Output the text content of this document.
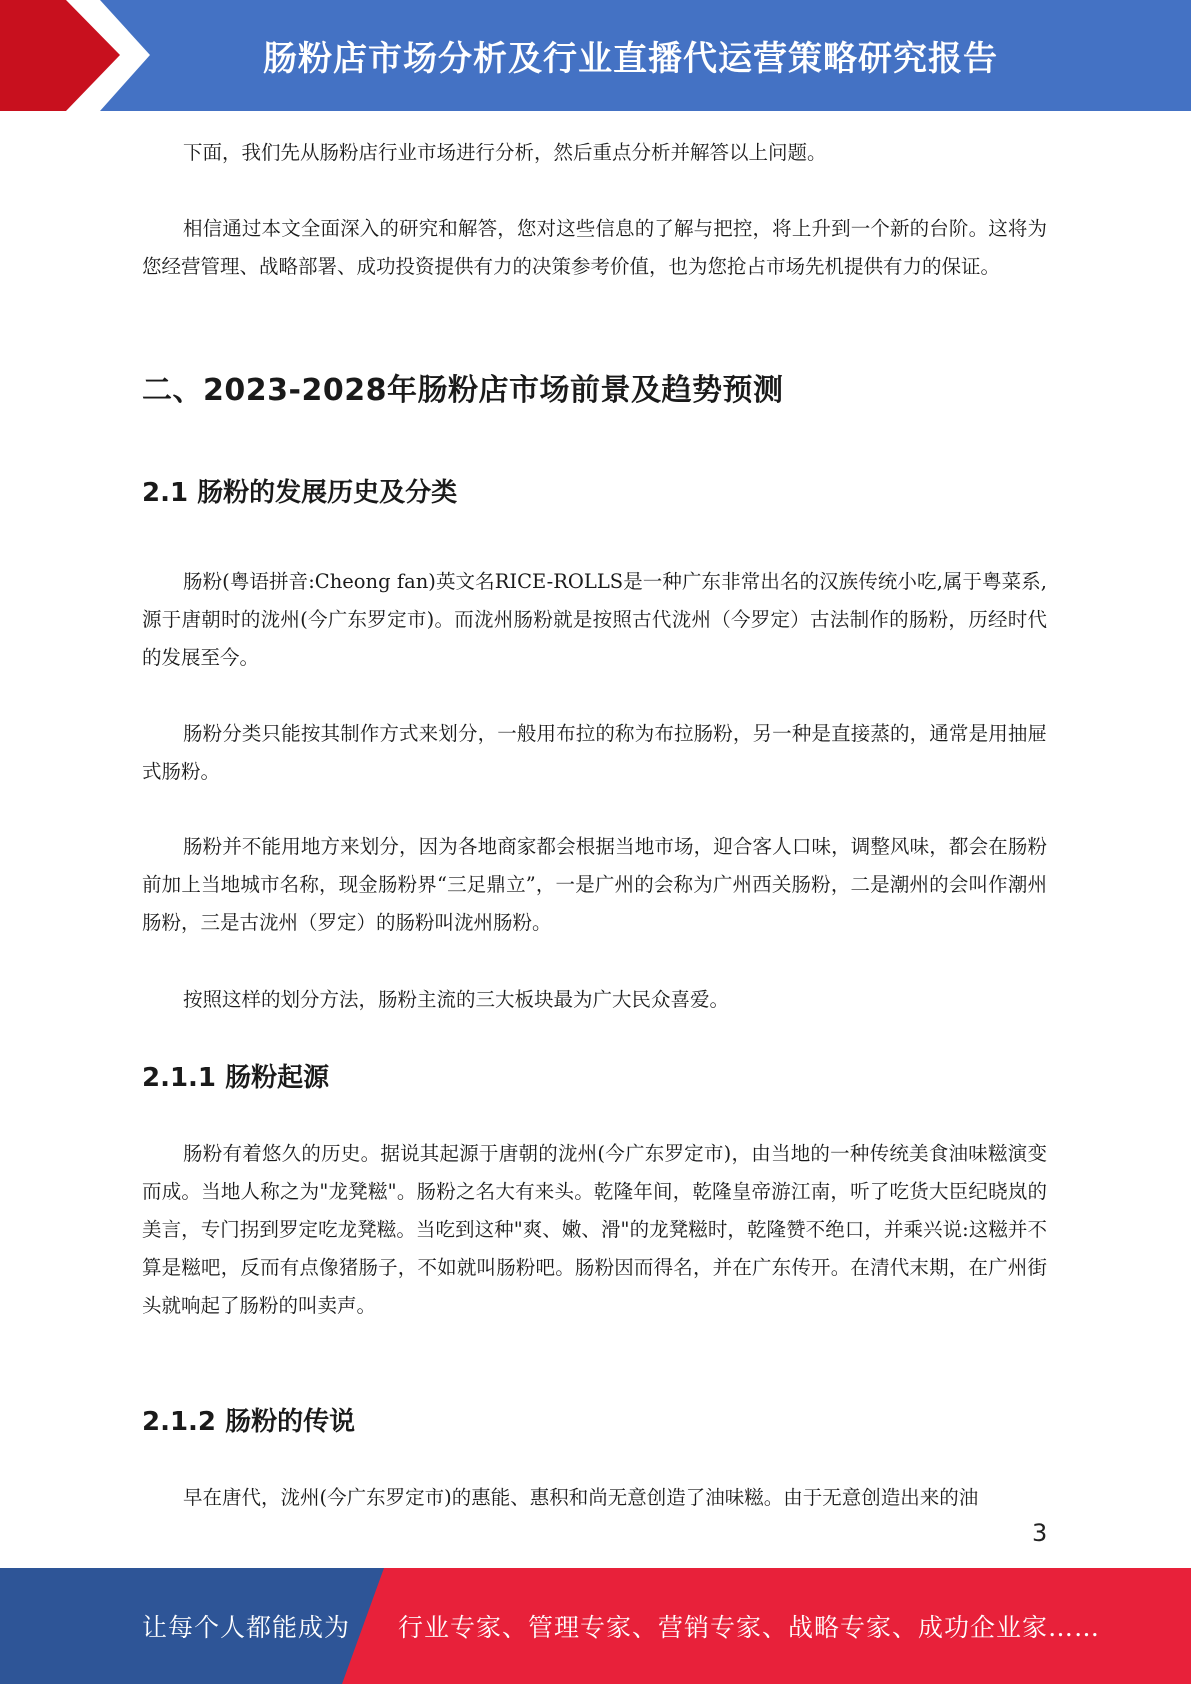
肠粉店市场分析及行业直播代运营策略研究报告

下面，我们先从肠粉店行业市场进行分析，然后重点分析并解答以上问题。

相信通过本文全面深入的研究和解答，您对这些信息的了解与把控，将上升到一个新的台阶。这将为您经营管理、战略部署、成功投资提供有力的决策参考价值，也为您抢占市场先机提供有力的保证。

二、2023-2028年肠粉店市场前景及趋势预测
2.1 肠粉的发展历史及分类

肠粉(粤语拼音:Cheong fan)英文名RICE-ROLLS是一种广东非常出名的汉族传统小吃,属于粤菜系,源于唐朝时的泷州(今广东罗定市)。而泷州肠粉就是按照古代泷州（今罗定）古法制作的肠粉，历经时代的发展至今。

肠粉分类只能按其制作方式来划分，一般用布拉的称为布拉肠粉，另一种是直接蒸的，通常是用抽屉式肠粉。

肠粉并不能用地方来划分，因为各地商家都会根据当地市场，迎合客人口味，调整风味，都会在肠粉前加上当地城市名称，现金肠粉界“三足鼎立”，一是广州的会称为广州西关肠粉，二是潮州的会叫作潮州肠粉，三是古泷州（罗定）的肠粉叫泷州肠粉。

按照这样的划分方法，肠粉主流的三大板块最为广大民众喜爱。

2.1.1 肠粉起源

肠粉有着悠久的历史。据说其起源于唐朝的泷州(今广东罗定市)，由当地的一种传统美食油味糍演变而成。当地人称之为"龙凳糍"。肠粉之名大有来头。乾隆年间，乾隆皇帝游江南，听了吃货大臣纪晓岚的美言，专门拐到罗定吃龙凳糍。当吃到这种"爽、嫩、滑"的龙凳糍时，乾隆赞不绝口，并乘兴说:这糍并不算是糍吧，反而有点像猪肠子，不如就叫肠粉吧。肠粉因而得名，并在广东传开。在清代末期，在广州街头就响起了肠粉的叫卖声。

2.1.2 肠粉的传说

早在唐代，泷州(今广东罗定市)的惠能、惠积和尚无意创造了油味糍。由于无意创造出来的油

3
让每个人都能成为 行业专家、管理专家、营销专家、战略专家、成功企业家……
